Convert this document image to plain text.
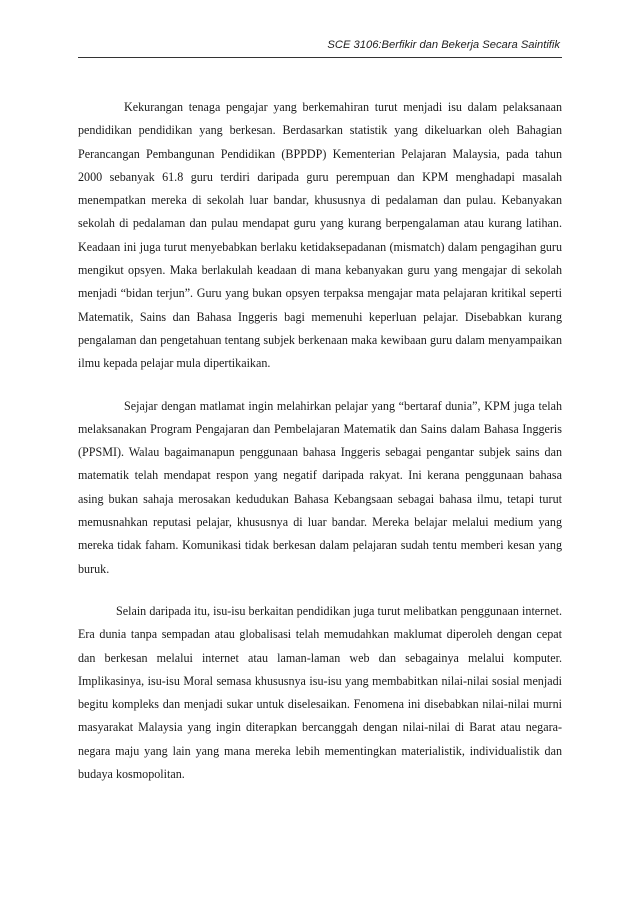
SCE 3106:Berfikir dan Bekerja Secara Saintifik

Kekurangan tenaga pengajar yang berkemahiran turut menjadi isu dalam pelaksanaan pendidikan pendidikan yang berkesan. Berdasarkan statistik yang dikeluarkan oleh Bahagian Perancangan Pembangunan Pendidikan (BPPDP) Kementerian Pelajaran Malaysia, pada tahun 2000 sebanyak 61.8 guru terdiri daripada guru perempuan dan KPM menghadapi masalah menempatkan mereka di sekolah luar bandar, khususnya di pedalaman dan pulau. Kebanyakan sekolah di pedalaman dan pulau mendapat guru yang kurang berpengalaman atau kurang latihan. Keadaan ini juga turut menyebabkan berlaku ketidaksepadanan (mismatch) dalam pengagihan guru mengikut opsyen. Maka berlakulah keadaan di mana kebanyakan guru yang mengajar di sekolah menjadi “bidan terjun”. Guru yang bukan opsyen terpaksa mengajar mata pelajaran kritikal seperti Matematik, Sains dan Bahasa Inggeris bagi memenuhi keperluan pelajar. Disebabkan kurang pengalaman dan pengetahuan tentang subjek berkenaan maka kewibaan guru dalam menyampaikan ilmu kepada pelajar mula dipertikaikan.

Sejajar dengan matlamat ingin melahirkan pelajar yang “bertaraf dunia”, KPM juga telah melaksanakan Program Pengajaran dan Pembelajaran Matematik dan Sains dalam Bahasa Inggeris (PPSMI). Walau bagaimanapun penggunaan bahasa Inggeris sebagai pengantar subjek sains dan matematik telah mendapat respon yang negatif daripada rakyat. Ini kerana penggunaan bahasa asing bukan sahaja merosakan kedudukan Bahasa Kebangsaan sebagai bahasa ilmu, tetapi turut memusnahkan reputasi pelajar, khususnya di luar bandar. Mereka belajar melalui medium yang mereka tidak faham. Komunikasi tidak berkesan dalam pelajaran sudah tentu memberi kesan yang buruk.

Selain daripada itu, isu-isu berkaitan pendidikan juga turut melibatkan penggunaan internet. Era dunia tanpa sempadan atau globalisasi telah memudahkan maklumat diperoleh dengan cepat dan berkesan melalui internet atau laman-laman web dan sebagainya melalui komputer. Implikasinya, isu-isu Moral semasa khususnya isu-isu yang membabitkan nilai-nilai sosial menjadi begitu kompleks dan menjadi sukar untuk diselesaikan. Fenomena ini disebabkan nilai-nilai murni masyarakat Malaysia yang ingin diterapkan bercanggah dengan nilai-nilai di Barat atau negara-negara maju yang lain yang mana mereka lebih mementingkan materialistik, individualistik dan budaya kosmopolitan.
